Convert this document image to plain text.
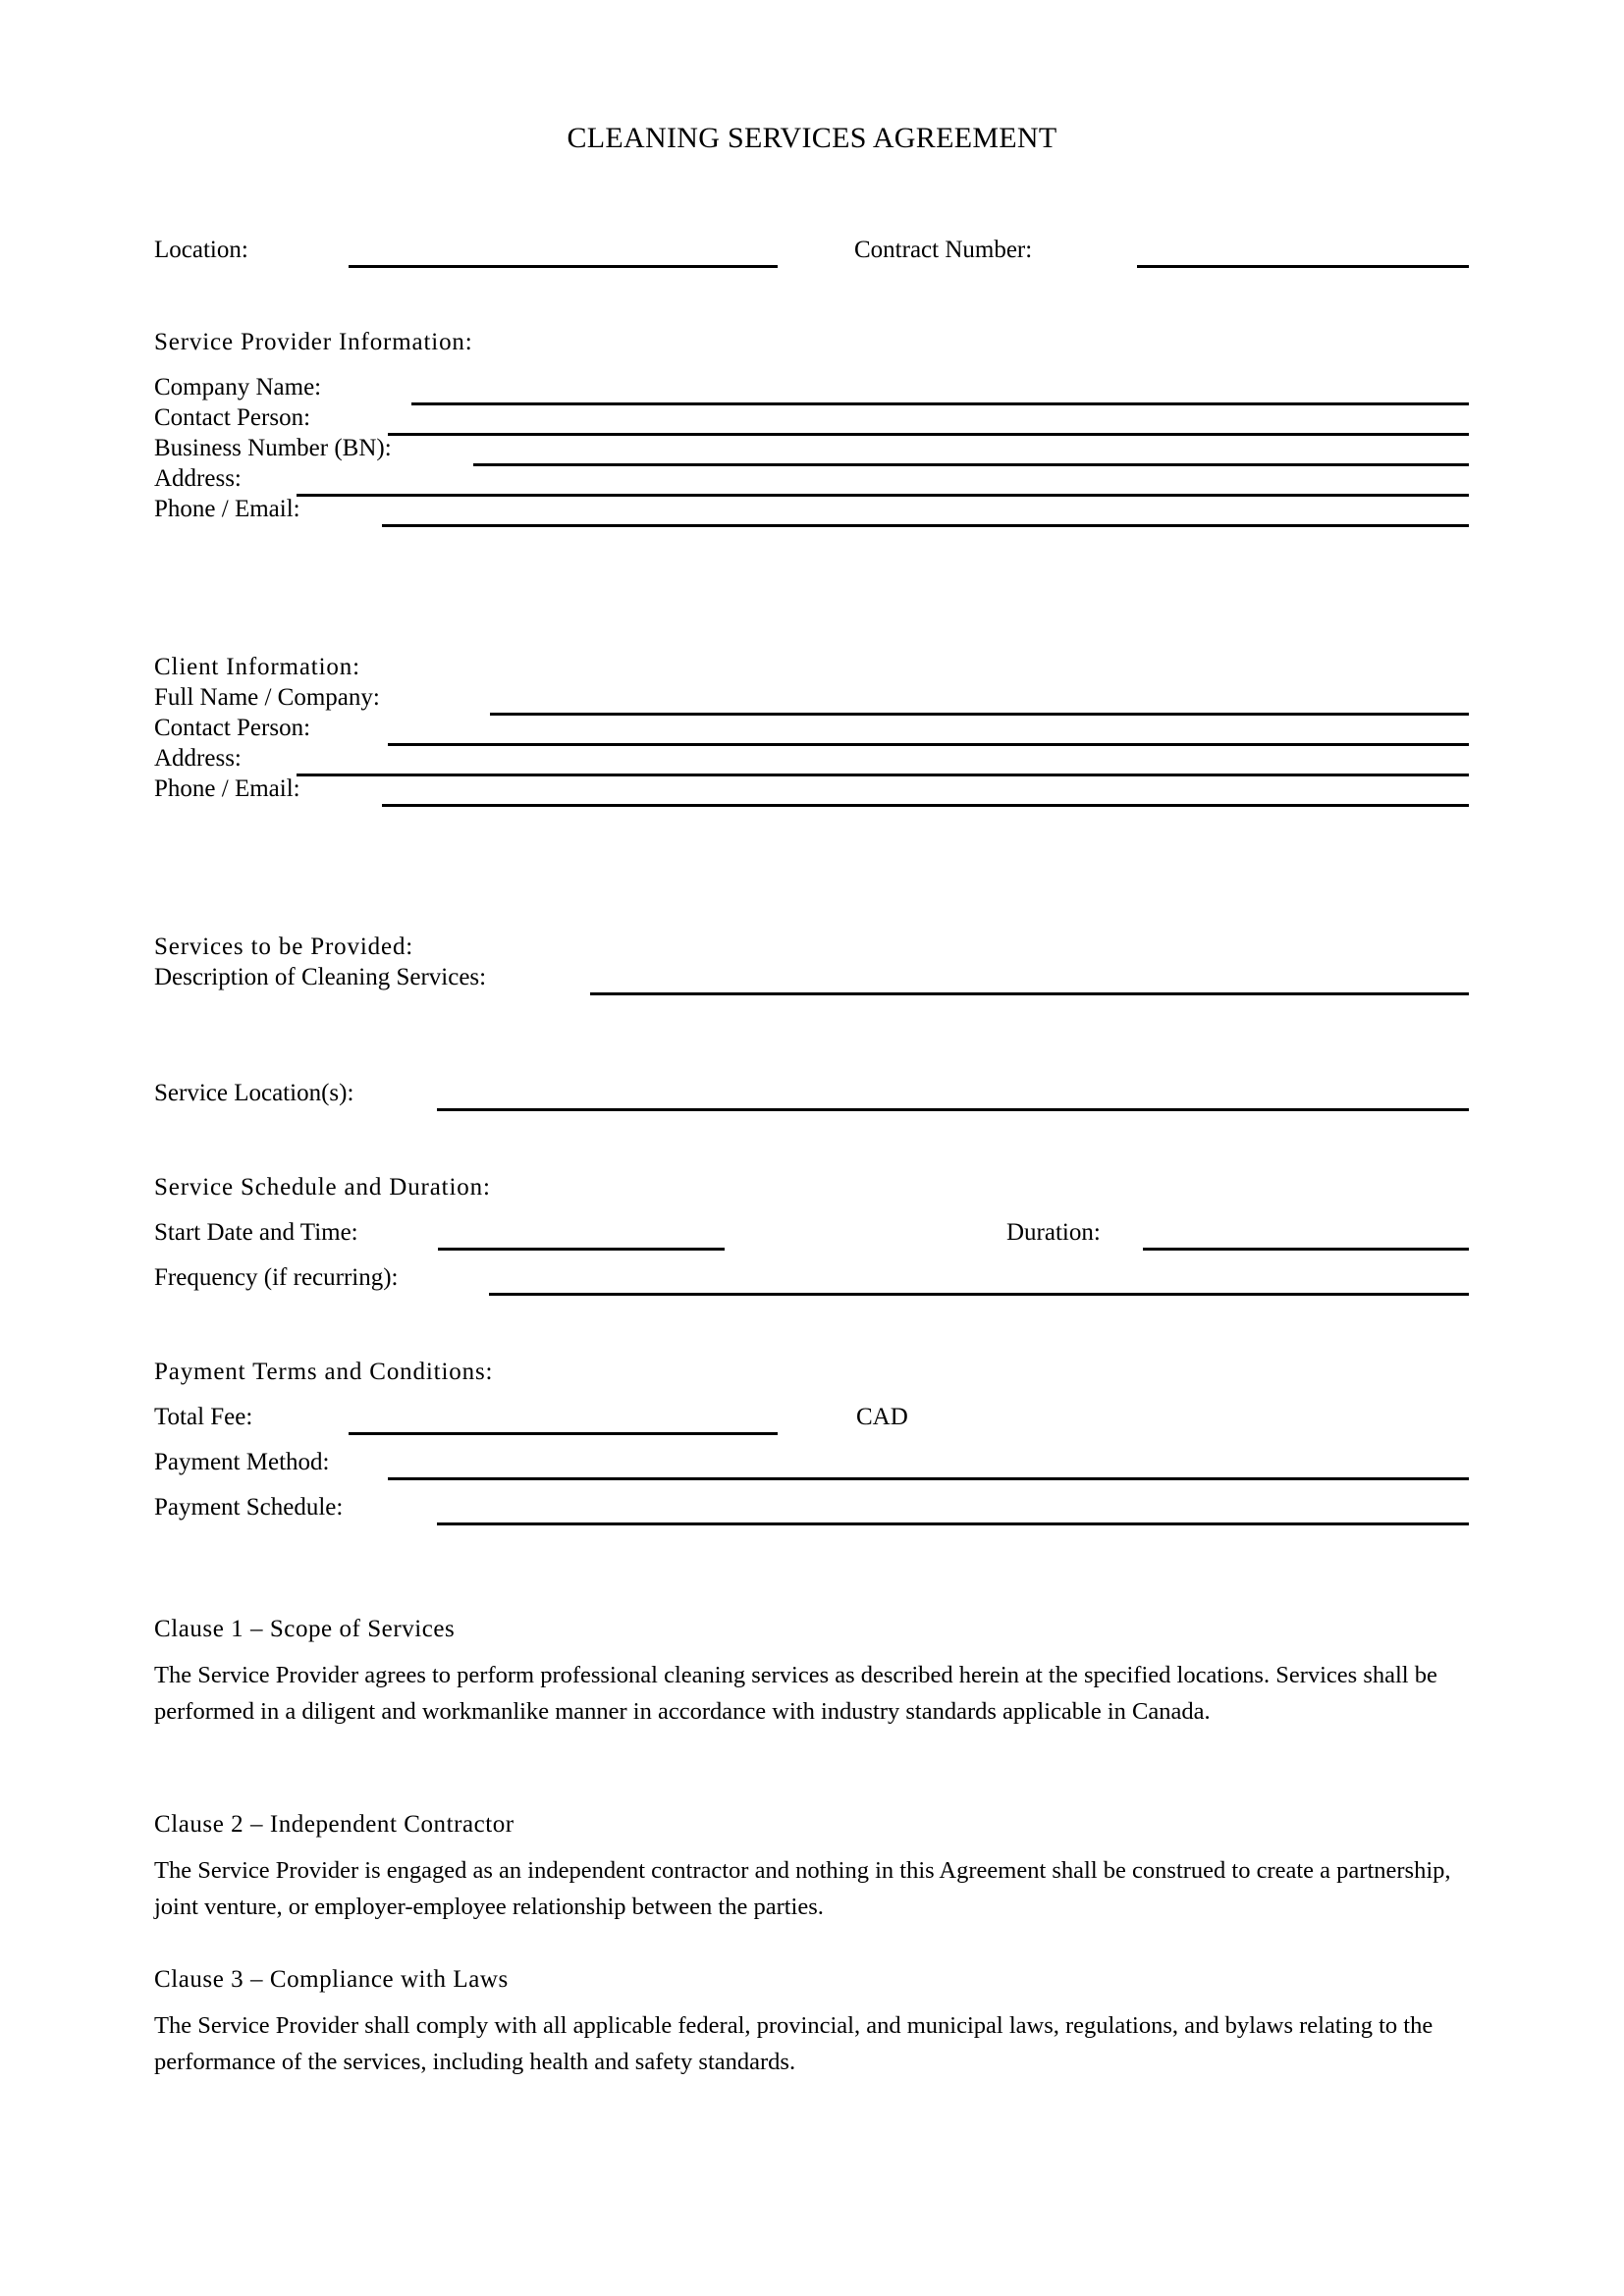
CLEANING SERVICES AGREEMENT
Location:	Contract Number:
Service Provider Information:
Company Name:
Contact Person:
Business Number (BN):
Address:
Phone / Email:
Client Information:
Full Name / Company:
Contact Person:
Address:
Phone / Email:
Services to be Provided:
Description of Cleaning Services:
Service Location(s):
Service Schedule and Duration:
Start Date and Time:	Duration:
Frequency (if recurring):
Payment Terms and Conditions:
Total Fee:	CAD
Payment Method:
Payment Schedule:
Clause 1 – Scope of Services
The Service Provider agrees to perform professional cleaning services as described herein at the specified locations. Services shall be performed in a diligent and workmanlike manner in accordance with industry standards applicable in Canada.
Clause 2 – Independent Contractor
The Service Provider is engaged as an independent contractor and nothing in this Agreement shall be construed to create a partnership, joint venture, or employer-employee relationship between the parties.
Clause 3 – Compliance with Laws
The Service Provider shall comply with all applicable federal, provincial, and municipal laws, regulations, and bylaws relating to the performance of the services, including health and safety standards.
